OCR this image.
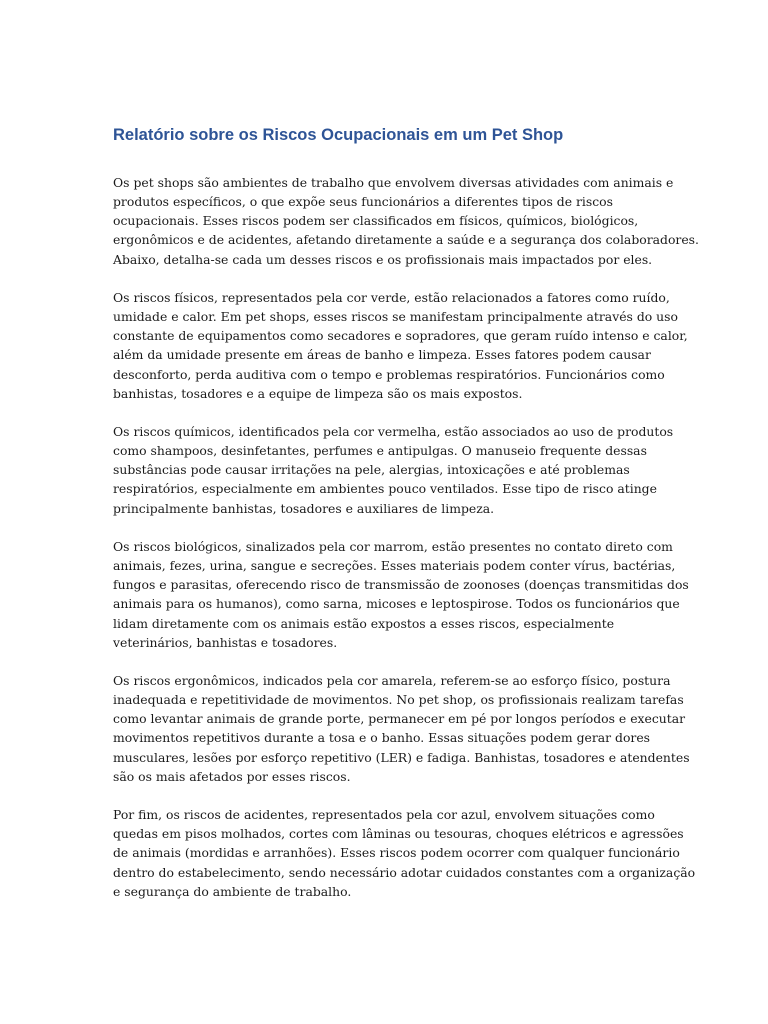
Relatório sobre os Riscos Ocupacionais em um Pet Shop

Os pet shops são ambientes de trabalho que envolvem diversas atividades com animais e
produtos específicos, o que expõe seus funcionários a diferentes tipos de riscos
ocupacionais. Esses riscos podem ser classificados em físicos, químicos, biológicos,
ergonômicos e de acidentes, afetando diretamente a saúde e a segurança dos colaboradores.
Abaixo, detalha-se cada um desses riscos e os profissionais mais impactados por eles.

Os riscos físicos, representados pela cor verde, estão relacionados a fatores como ruído,
umidade e calor. Em pet shops, esses riscos se manifestam principalmente através do uso
constante de equipamentos como secadores e sopradores, que geram ruído intenso e calor,
além da umidade presente em áreas de banho e limpeza. Esses fatores podem causar
desconforto, perda auditiva com o tempo e problemas respiratórios. Funcionários como
banhistas, tosadores e a equipe de limpeza são os mais expostos.

Os riscos químicos, identificados pela cor vermelha, estão associados ao uso de produtos
como shampoos, desinfetantes, perfumes e antipulgas. O manuseio frequente dessas
substâncias pode causar irritações na pele, alergias, intoxicações e até problemas
respiratórios, especialmente em ambientes pouco ventilados. Esse tipo de risco atinge
principalmente banhistas, tosadores e auxiliares de limpeza.

Os riscos biológicos, sinalizados pela cor marrom, estão presentes no contato direto com
animais, fezes, urina, sangue e secreções. Esses materiais podem conter vírus, bactérias,
fungos e parasitas, oferecendo risco de transmissão de zoonoses (doenças transmitidas dos
animais para os humanos), como sarna, micoses e leptospirose. Todos os funcionários que
lidam diretamente com os animais estão expostos a esses riscos, especialmente
veterinários, banhistas e tosadores.

Os riscos ergonômicos, indicados pela cor amarela, referem-se ao esforço físico, postura
inadequada e repetitividade de movimentos. No pet shop, os profissionais realizam tarefas
como levantar animais de grande porte, permanecer em pé por longos períodos e executar
movimentos repetitivos durante a tosa e o banho. Essas situações podem gerar dores
musculares, lesões por esforço repetitivo (LER) e fadiga. Banhistas, tosadores e atendentes
são os mais afetados por esses riscos.

Por fim, os riscos de acidentes, representados pela cor azul, envolvem situações como
quedas em pisos molhados, cortes com lâminas ou tesouras, choques elétricos e agressões
de animais (mordidas e arranhões). Esses riscos podem ocorrer com qualquer funcionário
dentro do estabelecimento, sendo necessário adotar cuidados constantes com a organização
e segurança do ambiente de trabalho.
